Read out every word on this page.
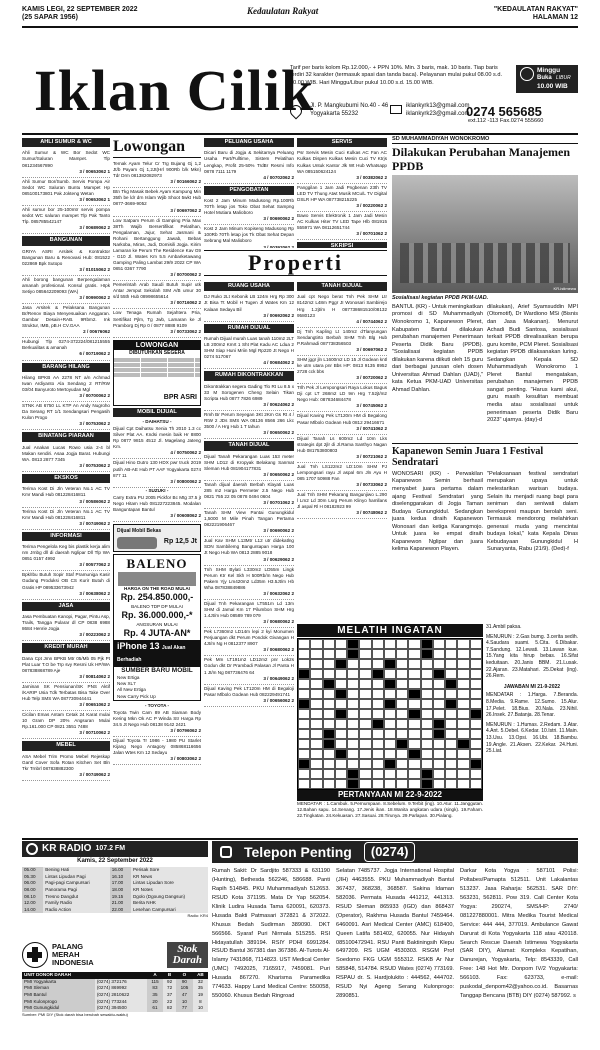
KAMIS LEGI, 22 SEPTEMBER 2022
(25 SAPAR 1956)
Kedaulatan Rakyat	"KEDAULATAN RAKYAT"
HALAMAN 12
Iklan Cilik
Tarif per baris kolom Rp.12.000,- + PPN 10%. Min. 3 baris, mak. 10 baris. Tiap baris terdiri 32 karakter (termasuk spasi dan tanda baca). Pelayanan mulai pukul 08.00 s.d. 10.00 WIB. Hari Minggu/Libur pukul 10.00 s.d. 15.00 WIB.
Minggu
Buka LIBUR
10.00 WIB
Jl. P. Mangkubumi No.40 - 46
Yogyakarta 55232
iklankyrk13@gmail.com
iklankyrk23@gmail.com
0274 565685
ext.112 -113 Fax.0274 555660
AHLI SUMUR & WC
Ahli Sumur & WC Bor Sedot WC Sumur/Saluran Mampet. Tlp 081234567890
3 / 00653062 1
Ahli Sumur Bor/Sumb. Servis Pompa Air Sedot WC Saluran Buntu Mampet Hp 085100173801 Pak Jokteng Wetan
3 / 00653062 1
Ahli sumur bor 25-100mtr servis pompa sedot WC saluran mampet Tlp Pak Tanto Tlp. 085785542147
3 / 00689062 2
BANGUNAN
GRIYA ASRI Arsitek & Kontraktor Bangunan Baru & Renovasi Hub: 081522 022869 Bpk Sutopo
3 / 01015062 2
Ahli borong bangunan Berpengalaman amanah profesional. Konsul gratis. HIpk Setiyo 085642209093 (WA)
3 / 00990062 2
Jasa Arsitek & Pelaksana Bangunan Br/Renov Biaya Menyesuaikan Anggaran. Gambar Desain+RAB. 9Rbm2. Ink Struktur, IMB, pB.H CV.GAA
2 / 00676062
Hubungi Tlp 0274-372224/081215555 Berkualitas & amanah
6 / 00719062 2
BARANG HILANG
Hilang BPKB AA 2278 NT a/n Achmad Iwan Ardiyanto Ala Sendang 2 RT/RW 03/04 Banyuroto Mertoyudan Mgl
3 / 00700062 2
STNK AB 6750 LL KTP An Andy Nugroho Da Serang RT 1/1 Sendangsari Pengasih Kulon Progo
3 / 00753062 2
BINATANG PIARAAN
Jual Anakan Lucas Rowo usia 2-4 bl Makan sendiri. Asaa Jogja Barat. Hubungi WA. 0813 2877 7345
3 / 00753062 2
EKSKOS
Terima Kost Di Jln Veteran No.1 AC TV Kmr Mandi Hub 081228416811
3 / 00586062 2
Terima Kost Di Jln Veteran No.1 AC TV Kmr Mandi Hub 081228416811
3 / 00749062 2
INFORMASI
Terima Pengelola Keg bis plastik kerja alim nm Jrnbg dll di daerah Nglipar Dll Tlp WA 0851 0157 4992
3 / 00577062 2
Bpk/Ibu Butuh Sopir Staf Pramuniga Kasir Gudang Produksi OB CS Kurir Butuh di Gratis HP 089533673942
3 / 00638062 2
JASA
Jasa Pembuatan Kanopi, Pagar, Pintu Asp, Trails, Tangga Pularar dl CP 0838 6988 8684 Henrie Jogja
3 / 00223062 2
KREDIT MURAH
Dana Cpt Jmn BPKB Mtr 05/Mb 05 Pjk Pt Plat Luar T.O be Trp svy Resmi Uk HP/WA 087838868789 Aje
3 / 00814062 2
Jaminan SK Pensiunan/SK PNS Aktif /KARIP Usia Tdk Terbatas Bisa Take Over Hub Telp SMS WA 087730944441
3 / 00651062 2
Cicilan Emas Antam Cetak 24 Karat mulai 10 Gram DP 20% Angsuran Mulai Rp.161.000 CP 0821 3551 7488
3 / 00710062 2
MEBEL
ASA Mebel Trim Promo Mebel Rejeskap Gantl Cover Sofa Rotan Kitchen Set Bln Tkr Trnbrl 087838882300
3 / 00749062 2
Lowongan
Temak Ayam Telur Cr Trg Bujang Gj 1,2 Jt/b Payam Gj 1,2Jt(Hrl 900Rb b/k Mkn) Tdr Drm 081382082973
3 / 00166062 2
Btn Tkg Masak Bebek Ayam Kampung Min 35th be ldr drn Islam Wjib Shoot 5wkt Hub 0877-3669-9052
3 / 00697062 2
Low Satpam Perum di Gamping Pria Max 38Th Wajib Bersertifikat Pelatihan, Pengalaman, Jujur, Sehat Jasmani & Rohani Bertanggung Jawab, Bebas Narkoba, Miras, Judi, Domisili Jogja. Kirim Lamaran ke Perum The Residence Kav G9 - G10 Jl. Wates Km 5.5 Ambarketawang Gamping Paling Lambat 29/9 2022 CP WA 0851 0367 7790
3 / 00700062 2
Pemerintah Arab Saudi Butuh Supir utk Antar Jemput Sekolah SIM A/B umur 30 s/d 55th Hub 08998655614
3 / 00716062 2
Low Tenaga Rumah Sejahtera Pria, Sertifikat Pjlm, Tg Jwb, Lamaran ke Jl Pramborg Dj Rp 0 / 0877 8888 9109
3 / 00733062 2
LOWONGAN
DIBUTUHKAN SEGERA
BPR ASRI
MOBIL DIJUAL
- DAIHATSU -
Dijual Cpt Daihatsu Xenia Th 2010 1.3 cc Silver Plat AA. Kndsi mesin baik Hr 8800 Rp 0877 9815 4512 Jl. Magelang Jateng Km.
4 / 00750062 2
Dijual Hino Dutro 130 HDX pwr truck 2019 putih AB-AE Hub PT AAF Yogyakarta 0274 877 11
3 / 00800062 2
- SUZUKI -
Carry Extra PU 2005 Pickfor Bc Mtg 37.5 jt Nego Hitam Hub 081227223845. Modalan Banguntapan Bantul
3 / 00608062 2
Dijual Mobil Bekas
Rp 12,5 Jt
BALENO
HARGA ON THE ROAD MULAI
Rp. 254.850.000,-
BALENO TDP DP MULAI
Rp. 36.000.000,-*
ANGSURAN MULAI
Rp. 4 JUTA-AN*
iPhone 13 Jual Akan Berhadiah
SUMBER BARU MOBIL
New Ertiga
New XL7
All New Ertiga
New Carry Pick Up
- TOYOTA -
Toyota Twin Cam 89 AB Siaman Body Kering Mkn Ok AC P Winda Str Harga Rp 34.5 Jt Nego Hub 08138 9142 2421
3 / 00796062 2
Dijual Toyota Tr 1986 - 1980 PU Starlet Kijang Nego Antagory 085868116656 Jalan Wtes Km 12 Sedayu
3 / 00803062 2
PELUANG USAHA
Dicari Baru di Jogja & Sekitarnya Peluang Usaha Part/Fulltime, Sistem Pelatihan Lengkap, Profit 25-50% TrdBr Resmi Info 0878 7111 1179
4 / 00702062 2
PENGOBATAN
Kost 2 Jam Minum Madusong Rp.100Rb 70Th letap jos Toko Obat Sehat Sampng Hotel Mutiara Malioboro
3 / 00690062 2
Kost 2 Jam Minum Kopiseng Madusong Rp 100Rb 70Th letap jos Tk Obat Sehat Depan Sebrang Mal Malioboro
3 / 00392062 2
SERVIS
Psr Servis Mesin Cuci Kulkas AC Fan AC Kulkas Dispen Kulkas Mesin Cuci TV Ktrjs Kulkas Untuk Kantor Jlk Wt Hub Whatsapp WA 085150624124
3 / 00382062 2
Panggilan 1 Jam Jadi Pngbenan 23th TV LED TV Thung Atwt Musik MCu/L TV Digital DSLR HP WA 087738215225
3 / 00220062 2
Bawo Servis Elektronik 1 Jam Jadi Mesin AC Kulkas Hiter TV LED Tape Hlb 081915 555971 WA 08112651744
3 / 00701062 2
SKRIPSI
Properti
RUANG USAHA
DJ Ruko 2Lt Kebonik LB 124m Hrg Rp 300 Jt Bisa Tt Mobil H Tugen Jl Wates Km 12 Kalaan Sedayu Bil
3 / 00692062 2
RUMAH DIJUAL
Rumah Dijual murah Luas tanah 110m2 2LT LB 200m2 Kmrt 1 Sht Plat Kadu AC Ldua 2 SHM Siap Huni Mriin Mgl Rp220 Jt Nego H 0274 517067
4 / 00684062 2
RUMAH DIKONTRAKKAN
Dikontrakkan segera Gading Tlo Rt Lu 8.5 x 33 M Sorogenen Cheng Selain Tikan Scripta Hub 0877 7826 6989
3 / 00624062 2
Rmh Br Perum Seyegan 3Kt 2Km Gs Rt 4 / RtW 2 JDs SMS WA 08136 8566 266 Lkc 3500 / A Hrg Hub 1 T tahun
3 / 00650062 2
TANAH DIJUAL
Dijual Tanah Pekarangan Luas 153 meter SHM LD12 di Kropyak Belakang Sanmat Sleman Hub 081904177831
3 / 00650062 2
Tanah dijual daerah Berbah Klayati Luas 285 m2 Harga Permeter 2.5 Nego Hub 0821 755 22 05 0878 0494 0604
3 / 00701062 2
Tanah SHM View Pantai Gunungkidul 1,5000 M Mile Pinah Tangan Pertama 082221906467
3 / 00690062 2
Jual Kav SHM L13Mtr L12 utr didekatlng SDN Sambilemg Banguntapan Harga 100 Jt Nego Hub WA 0813 2885 9018
3 / 00629062 2
Tnh SHM Bylati L330m2 LD55m Lingk Perum Ktr Kel Skh H 500Rb/m Nego Hub Pakem Yjy Lm420m2 Ld35m H3.5Jt/m Hb Wha 087838849886
3 / 00632062 2
Dijual Tnh Pekarangan LT551m Ld 13m SHM di Jamal Km 17 Pilumbon SHM Hrg 1.4Jt/m Hub 08589 789 079
3 / 00680062 2
Pek L7360m2 LD14m lepi 2 kyi Monumen Perjuangan dkt Perum Pondok Givangan H 4Jt/m Ng H 0812377 8907
3 / 00680062 2
Pek Mm LT191m2 LD12m2 pnr Lok2s Godun dkt Dr Prambadi Palasan Jl Panta H 1 Jt/m Ng 087736476 64
3 / 00649062 2
Dijual Kaving Pek LT120m HM di Begaloji Pasar Mlbolo Godean Hub 082229491741
3 / 00656062 2
TANAH DIJUAL
Jual cpt Nego berat Tnh Pek SHM Ltr 8142m2 L48m Pggr JI Wonosari Sambirejo Hrg 1.2jt/m H 087738681510/08132 9580123
4 / 00744062 2
Dj Tnh Kapling Lt 140m2 dTlanyungan Sendangtirto Berbah SHM Tnh Blg Hub P.Rahmadi 087738356503
3 / 00697062 2
SHM jggr jln L1600m2 LD 15 Jl Godean kntl ke utm utara pnr Bbs HP: 0813 9135 8952 2728 cck bbs
3 / 00720062 2
Trlh Pek Jl Lempongsari Raya Lokus Bagus Dji cpt LT 268m2 LD 9m Hrg 7.52jt/m2 Nego Hub: 087834684478
3 / 00745062 2
Dijual Kaving Pek LT120m HM di Begalong Pasar Mlbolo Godean Hub 0812 29416671
3 / 00741062 2
Dijual Tanah Ls 600m2 Ld 10m Lks strategis dpt 2jlr di Jl.Rama Santhyo Nagan Hub 081753800803
3 / 00721062 2
Jual Tnh LS122m2 LD:10m SHM PJ Lempongsari rayu Jl aspal 6m Jln Ayu H 085 1707 50988 Fan
3 / 00733062 2
Jual Tnh SHM Pekarang Bangunjiwo L.290 l Lm2 Ld 30m Lsrg Perum Klinyo hamllans Jl aspal Rl H 08182923 99
3 / 00748062 2
SD MUHAMMADIYAH WONOKROMO
Dilakukan Perubahan Manajemen PPDB
KR-istimewa
Sosialisasi kegiatan PPDB PKM-UAD.
BANTUL (KR) - Untuk meningkatkan promosi di SD Muhammadiyah Wonokromo 1, Kapanewon Pleret, Kabupaten Bantul dilakukan perubahan manajemen Penerimaan Peserta Didik Baru (PPDB). "Sosialisasi kegiatan PPDB dilakukan karena diikuti oleh 15 guru dari berbagai jurusan oleh dosen Universitas Ahmad Dahlan (UAD)," kata Ketua PKM-UAD Universitas Ahmad Dahlan.
dilakukan), Arief Syamsuddin MPI (Otomotif), Dr Wardiono MSi (Bisnis dan Jasa Makanan). Menurut Achadi Budi Santosa, sosialisasi terkait PPDB direalisasikan berupa guru komite, PCM Pleret. Sosialisasi kegiatan PPDB dilaksanakan luring. Sedangkan Kepala SD Muhammadiyah Wonokromo 1 Pleret Bantul mengatakan, perubahan manajemen PPDB sangat penting. "Harus kami akui, guru masih kesulitan membuat media atau sosialisasi untuk penerimaan peserta Didik Baru 2023" ujarnya. (day)-d
Kapanewon Semin Juara 1 Festival Sendratari
WONOSARI (KR) - Perwakilan Kapanewon Semin berhasil menyabet juara pertama dalam ajang Festival Sendratari yang diselenggarakan di Jogja Taman Budaya Gunungkidul. Sedangkan juara kedua diraih Kapanewon Wonosari dan ketiga Karangmojo. Untuk juara ke empat diraih Kapanewon Nglipar dan juara kelima Kapanewon Playen.
"Pelaksanaan festival sendratari merupakan upaya untuk melestarikan warisan budaya. Selain itu menjadi ruang bagi para seniman dan seniwati dalam berekspresi maupun berolah seni. Termasuk mendorong melahirkan generasi muda yang mencintai budaya lokal," kata Kepala Dinas Kebudayaan Gunungkidul H Sunaryanta, Rabu (21/9). (Ded)-f
MELATIH INGATAN
PERTANYAAN MI 22-9-2022
MENDATAR : 1.Cambuk. 5.Pernumpaan. 8.Sebelum. 9.Terbit (ing). 10.Atur. 11.Janggutan. 12.Bahan sapu. 14.Senang. 17.Jenis ikan. 18.Wanita angkatan udara (singk). 19.Faham. 22.Tingkatan. 24.Kekuasan. 27.Sasuai. 28.Tirunya. 29.Parlapan. 30.Pialang.
31.Ambil paksa.
MENURUN : 2.Gas bumg. 3.cerita sedih. 4.Saudara suami. 5.Cita. 6.Dibakar. 7.Sandung. 12.Lewati. 13.Lawan kue. 15.Yang kita hirup bebas. 16.Sifat keduitaan. 20.Janis BBM. 21.Lusak. 22.Ajaran. 23.Matahari. 25.Dekat (ing). 26.Rem.
JAWABAN MI 21-9-2022
MENDATAR : 1.Harga. 7.Beranda. 8.Media. 9.Rame. 12.Sumo. 15.Alur. 17.Pelet. 18.Bius. 20.Nala. 23.Nihil. 26.Insek. 27.Batanja. 28.Tenar.
MENURUN : 1.Humas. 2.Redam. 3.Atar. 4.Ant. 5.Oebel. 6.Kedar. 10.Istri. 11.Main. 13.Usu. 13.Opsi. 16.Ubi. 18.Bambu. 19.Angle. 21.Aksen. 22.Kekar. 24.Huni. 25.Liat.
KR RADIO 107.2 FM
Kamis, 22 September 2022
05.00	Bening Hati	16.00	Perisak Sore
05.30	Lintas Lipudan Pagi	16.10	KR News
06.00	Pagi-pagi Campursari	17.00	Lintas Lipudan Sore
08.00	Panorama Pagi	18.00	KR Notes
08.10	Tresno Dangdut	19.15	Dgolo (Dgoung Dangsun)
12.00	Family Radio	21.00	Berita NHK
14.00	Radio Action	22.00	Lesehan Campursari
Radio: KR4
PALANG
MERAH
INDONESIA
Stok
Darah
UNIT DONOR DARAH		A	B	O	AB
PMI Yogyakarta	(0274) 372176	115	92	90	32
PMI Sleman	(0274) 869992	83	72	105	35
PMI Bantul	(0274) 2810622	35	37	47	19
PMI Kulonprogo	(0274) 773244	20	22	10	8
PMI Gunungkidul	(0274) 394500	61	82	77	10
Sumber: PMI DIY (Stok darah bisa berubah sewaktu-waktu)
Telepon Penting	(0274)
Rumah Sakit: Dr Sardjito 587333 & 631190 (Hunting), Bethesda 562246, 586688. Panti Rapih 514845. PKU Muhammadiyah 512653. RSUD Kota 371195. Mata Dr Yap 562054. Klinik Ludira Husada Tama 620091, 620373. Husada Bakti Patmasari 372821 & 372022. Khusus Bedah Sudirman 389090. DKT 566566. Syaraf Puri Nirmala 515255. RSI Hidayatullah 389194. RSIY PDHI 6991284. RSUD Bantul 367381 dan 367386. Al-Turots Al-Islamy 7431868, 7114823. UST Medical Center (UMC) 7492025, 7165917, 7459081. Puri Husada 867270. Kharisma Paramedika 774633. Happy Land Medical Centre: 550058, 550060. Khusus Bedah Ringroad
Selatan 7485737. Jogja International Hospital (JIH) 4463555. PKU Muhammadiyah Bantul 367437, 368238, 368587. Sakina Idaman 582036. Permata Husada 441212, 441313. RSUD Sleman 865933 (IGD) dan 868437 (Operator), Rakhma Husada Bantul 7459464. 6460091. Asri Medical Center (AMC) 618400, Queen Latifa 581402, 620055. Nur Hidayah 085100472941. RSU Panti Baktiningsih Klepu 6497209. RS UGM 4530303. RSGM Prof Soedomo FKG UGM 555312. RSKB Ar Nur 585848, 514784. RSUD Wates (0274) 773169. RSPAU dr. S. Hardjolukito : 444562, 444702. RSUD Nyi Ageng Serang Kulonprogo: 2890851.
Darkar Kota Yogya : 587101 Polisi: Poltabes/Pamapta 512511. Unit Lakalantas 513237. Jasa Raharja: 562531. SAR DIY: 563231, 562811. Pow 319. Call Center Kota Yogya: 290274, SMS/HP: 2740/ 081227880001. Mitra Medika Tourist Medical Service: 444 444, 377019. Ambulance Gawat Darurat di Kota Yogyakarta 118 atau 420118. Search Rescue Daerah Istimewa Yogyakarta (SAR DIY), Alamat: Kompleks Kepatihan, Danurejan, Yogyakarta, Telp: 8543339, Call Free: 148 Hot Mtr. Donpom IV/2 Yogyakarta: 566103. Fax: 623733, e-mail: puskodal_denpom42@yahoo.co.id. Basarnas Tanggap Bencana (BTB) DIY (0274) 587992. s
